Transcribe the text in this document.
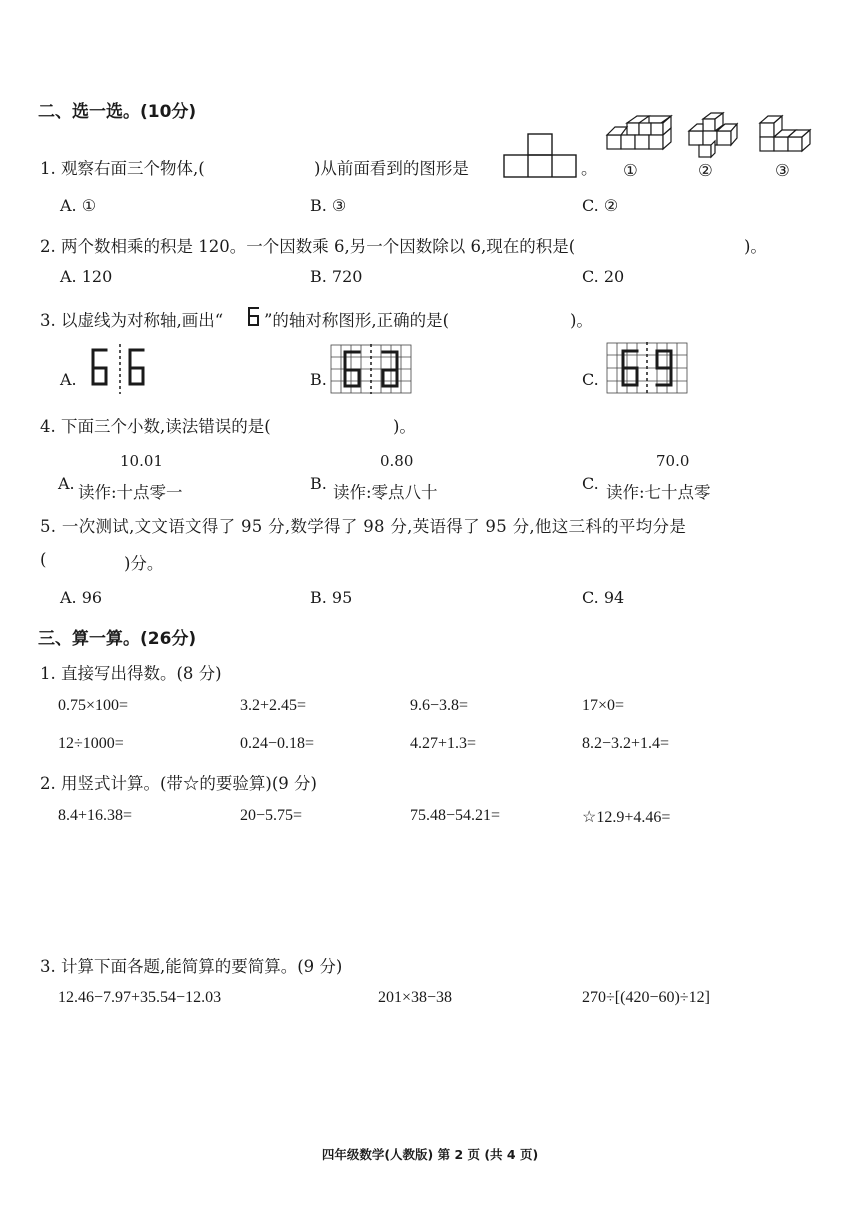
二、选一选。(10分)
1. 观察右面三个物体,(	)从前面看到的图形是	。 ①	②	③
A. ①	B. ③	C. ②
2. 两个数相乘的积是 120。一个因数乘 6,另一个因数除以 6,现在的积是(	)。
A. 120	B. 720	C. 20
3. 以虚线为对称轴,画出“ ”的轴对称图形,正确的是(	)。
A.	B.	C.
4. 下面三个小数,读法错误的是(	)。
10.01	0.80	70.0
A. 读作:十点零一	B. 读作:零点八十	C. 读作:七十点零
5. 一次测试,文文语文得了 95 分,数学得了 98 分,英语得了 95 分,他这三科的平均分是
(	)分。
A. 96	B. 95	C. 94
三、算一算。(26分)
1. 直接写出得数。(8 分)
0.75×100=	3.2+2.45=	9.6−3.8=	17×0=
12÷1000=	0.24−0.18=	4.27+1.3=	8.2−3.2+1.4=
2. 用竖式计算。(带☆的要验算)(9 分)
8.4+16.38=	20−5.75=	75.48−54.21=	☆12.9+4.46=
3. 计算下面各题,能简算的要简算。(9 分)
12.46−7.97+35.54−12.03	201×38−38	270÷[(420−60)÷12]
四年级数学(人教版) 第 2 页 (共 4 页)
